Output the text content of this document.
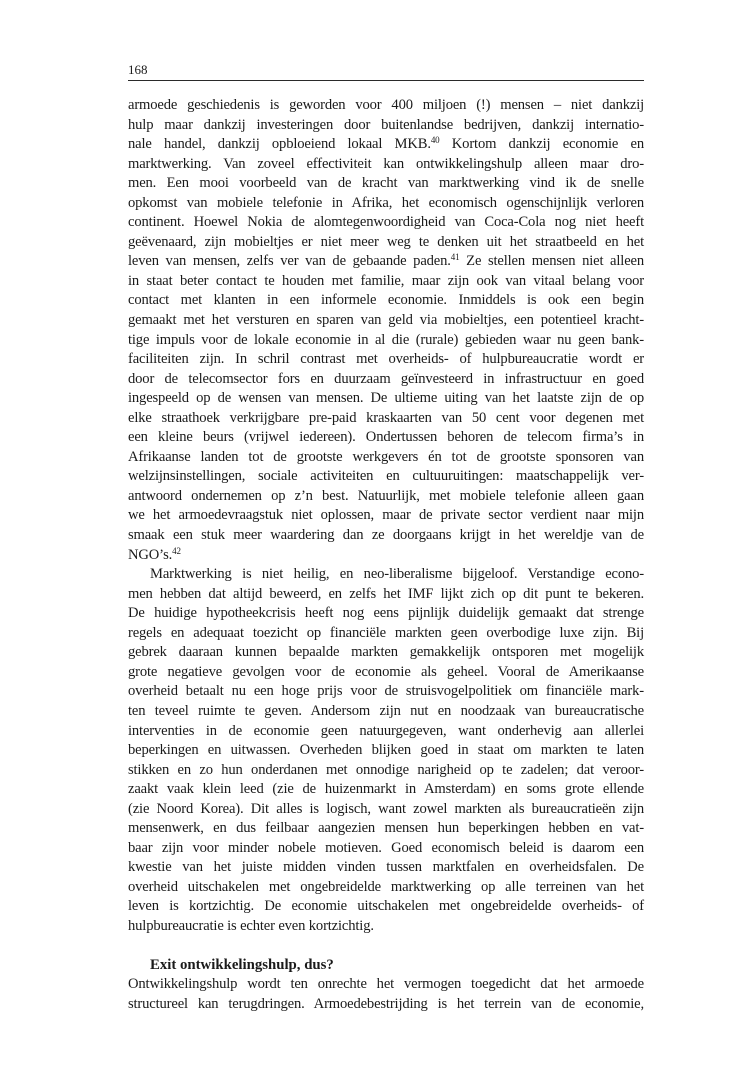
168
armoede geschiedenis is geworden voor 400 miljoen (!) mensen – niet dankzij
hulp maar dankzij investeringen door buitenlandse bedrijven, dankzij internatio-
nale handel, dankzij opbloeiend lokaal MKB.$^{40}$ Kortom dankzij economie en
marktwerking. Van zoveel effectiviteit kan ontwikkelingshulp alleen maar dro-
men. Een mooi voorbeeld van de kracht van marktwerking vind ik de snelle
opkomst van mobiele telefonie in Afrika, het economisch ogenschijnlijk verloren
continent. Hoewel Nokia de alomtegenwoordigheid van Coca-Cola nog niet heeft
geëvenaard, zijn mobieltjes er niet meer weg te denken uit het straatbeeld en het
leven van mensen, zelfs ver van de gebaande paden.$^{41}$ Ze stellen mensen niet alleen
in staat beter contact te houden met familie, maar zijn ook van vitaal belang voor
contact met klanten in een informele economie. Inmiddels is ook een begin
gemaakt met het versturen en sparen van geld via mobieltjes, een potentieel kracht-
tige impuls voor de lokale economie in al die (rurale) gebieden waar nu geen bank-
faciliteiten zijn. In schril contrast met overheids- of hulpbureaucratie wordt er
door de telecomsector fors en duurzaam geïnvesteerd in infrastructuur en goed
ingespeeld op de wensen van mensen. De ultieme uiting van het laatste zijn de op
elke straathoek verkrijgbare pre-paid kraskaarten van 50 cent voor degenen met
een kleine beurs (vrijwel iedereen). Ondertussen behoren de telecom firma’s in
Afrikaanse landen tot de grootste werkgevers én tot de grootste sponsoren van
welzijnsinstellingen, sociale activiteiten en cultuuruitingen: maatschappelijk ver-
antwoord ondernemen op z’n best. Natuurlijk, met mobiele telefonie alleen gaan
we het armoedevraagstuk niet oplossen, maar de private sector verdient naar mijn
smaak een stuk meer waardering dan ze doorgaans krijgt in het wereldje van de
NGO’s.$^{42}$
Marktwerking is niet heilig, en neo-liberalisme bijgeloof. Verstandige econo-
men hebben dat altijd beweerd, en zelfs het IMF lijkt zich op dit punt te bekeren.
De huidige hypotheekcrisis heeft nog eens pijnlijk duidelijk gemaakt dat strenge
regels en adequaat toezicht op financiële markten geen overbodige luxe zijn. Bij
gebrek daaraan kunnen bepaalde markten gemakkelijk ontsporen met mogelijk
grote negatieve gevolgen voor de economie als geheel. Vooral de Amerikaanse
overheid betaalt nu een hoge prijs voor de struisvogelpolitiek om financiële mark-
ten teveel ruimte te geven. Andersom zijn nut en noodzaak van bureaucratische
interventies in de economie geen natuurgegeven, want onderhevig aan allerlei
beperkingen en uitwassen. Overheden blijken goed in staat om markten te laten
stikken en zo hun onderdanen met onnodige narigheid op te zadelen; dat veroor-
zaakt vaak klein leed (zie de huizenmarkt in Amsterdam) en soms grote ellende
(zie Noord Korea). Dit alles is logisch, want zowel markten als bureaucratieën zijn
mensenwerk, en dus feilbaar aangezien mensen hun beperkingen hebben en vat-
baar zijn voor minder nobele motieven. Goed economisch beleid is daarom een
kwestie van het juiste midden vinden tussen marktfalen en overheidsfalen. De
overheid uitschakelen met ongebreidelde marktwerking op alle terreinen van het
leven is kortzichtig. De economie uitschakelen met ongebreidelde overheids- of
hulpbureaucratie is echter even kortzichtig.
Exit ontwikkelingshulp, dus?
Ontwikkelingshulp wordt ten onrechte het vermogen toegedicht dat het armoede
structureel kan terugdringen. Armoedebestrijding is het terrein van de economie,
